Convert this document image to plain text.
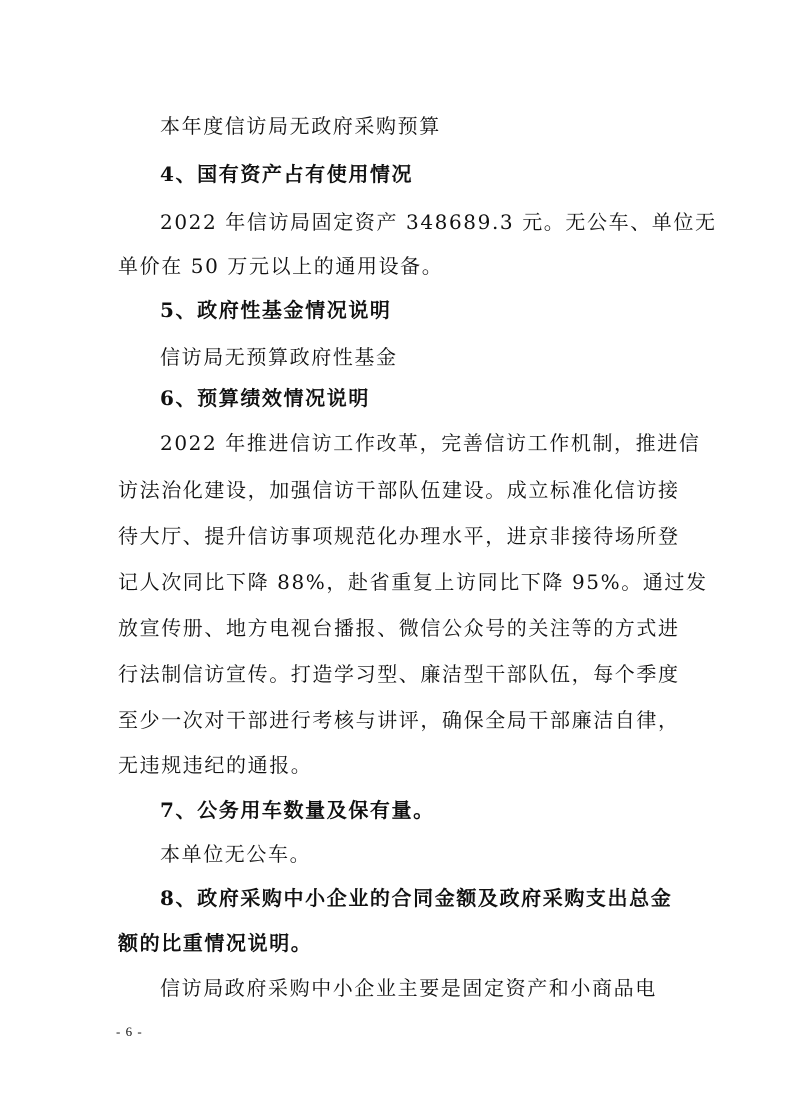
本年度信访局无政府采购预算
4、国有资产占有使用情况
2022 年信访局固定资产 348689.3 元。无公车、单位无
单价在 50 万元以上的通用设备。
5、政府性基金情况说明
信访局无预算政府性基金
6、预算绩效情况说明
2022 年推进信访工作改革，完善信访工作机制，推进信
访法治化建设，加强信访干部队伍建设。成立标准化信访接
待大厅、提升信访事项规范化办理水平，进京非接待场所登
记人次同比下降 88%，赴省重复上访同比下降 95%。通过发
放宣传册、地方电视台播报、微信公众号的关注等的方式进
行法制信访宣传。打造学习型、廉洁型干部队伍，每个季度
至少一次对干部进行考核与讲评，确保全局干部廉洁自律，
无违规违纪的通报。
7、公务用车数量及保有量。
本单位无公车。
8、政府采购中小企业的合同金额及政府采购支出总金
额的比重情况说明。
信访局政府采购中小企业主要是固定资产和小商品电
- 6 -
